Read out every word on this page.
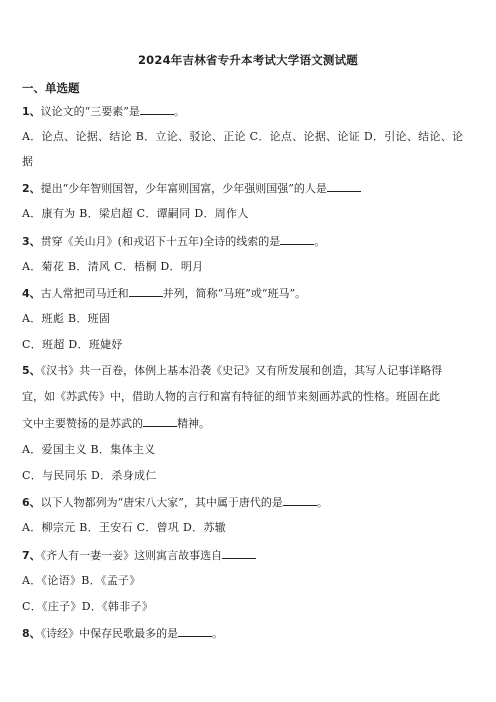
2024年吉林省专升本考试大学语文测试题
一、单选题
1、议论文的“三要素”是	。
A．论点、论据、结论 B．立论、驳论、正论 C．论点、论据、论证 D．引论、结论、论
据
2、提出“少年智则国智，少年富则国富，少年强则国强”的人是
A．康有为 B．梁启超 C．谭嗣同 D．周作人
3、贯穿《关山月》(和戎诏下十五年)全诗的线索的是	。
A．菊花 B．清风 C．梧桐 D．明月
4、古人常把司马迁和	并列，简称“马班”或“班马”。
A．班彪 B．班固
C．班超 D．班婕妤
5、《汉书》共一百卷，体例上基本沿袭《史记》又有所发展和创造，其写人记事详略得
宜，如《苏武传》中，借助人物的言行和富有特征的细节来刻画苏武的性格。班固在此
文中主要赞扬的是苏武的	精神。
A．爱国主义 B．集体主义
C．与民同乐 D．杀身成仁
6、以下人物都列为“唐宋八大家”，其中属于唐代的是	。
A．柳宗元 B．王安石 C．曾巩 D．苏辙
7、《齐人有一妻一妾》这则寓言故事选自
A．《论语》B．《孟子》
C．《庄子》D．《韩非子》
8、《诗经》中保存民歌最多的是	。
